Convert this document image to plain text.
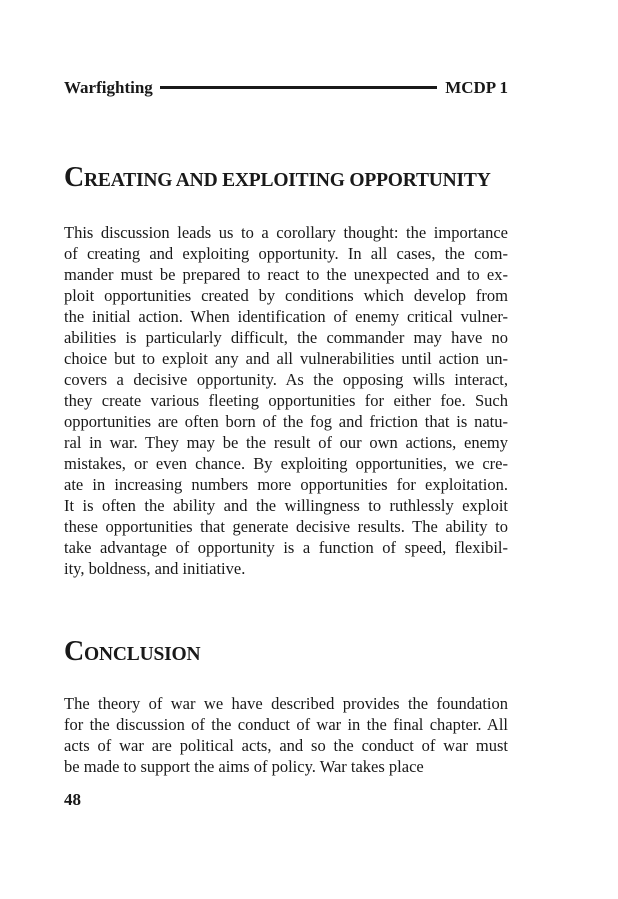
Warfighting	MCDP 1
CREATING AND EXPLOITING OPPORTUNITY
This discussion leads us to a corollary thought: the importance
of creating and exploiting opportunity. In all cases, the com-
mander must be prepared to react to the unexpected and to ex-
ploit opportunities created by conditions which develop from
the initial action. When identification of enemy critical vulner-
abilities is particularly difficult, the commander may have no
choice but to exploit any and all vulnerabilities until action un-
covers a decisive opportunity. As the opposing wills interact,
they create various fleeting opportunities for either foe. Such
opportunities are often born of the fog and friction that is natu-
ral in war. They may be the result of our own actions, enemy
mistakes, or even chance. By exploiting opportunities, we cre-
ate in increasing numbers more opportunities for exploitation.
It is often the ability and the willingness to ruthlessly exploit
these opportunities that generate decisive results. The ability to
take advantage of opportunity is a function of speed, flexibil-
ity, boldness, and initiative.
CONCLUSION
The theory of war we have described provides the foundation
for the discussion of the conduct of war in the final chapter. All
acts of war are political acts, and so the conduct of war must
be made to support the aims of policy. War takes place
48
